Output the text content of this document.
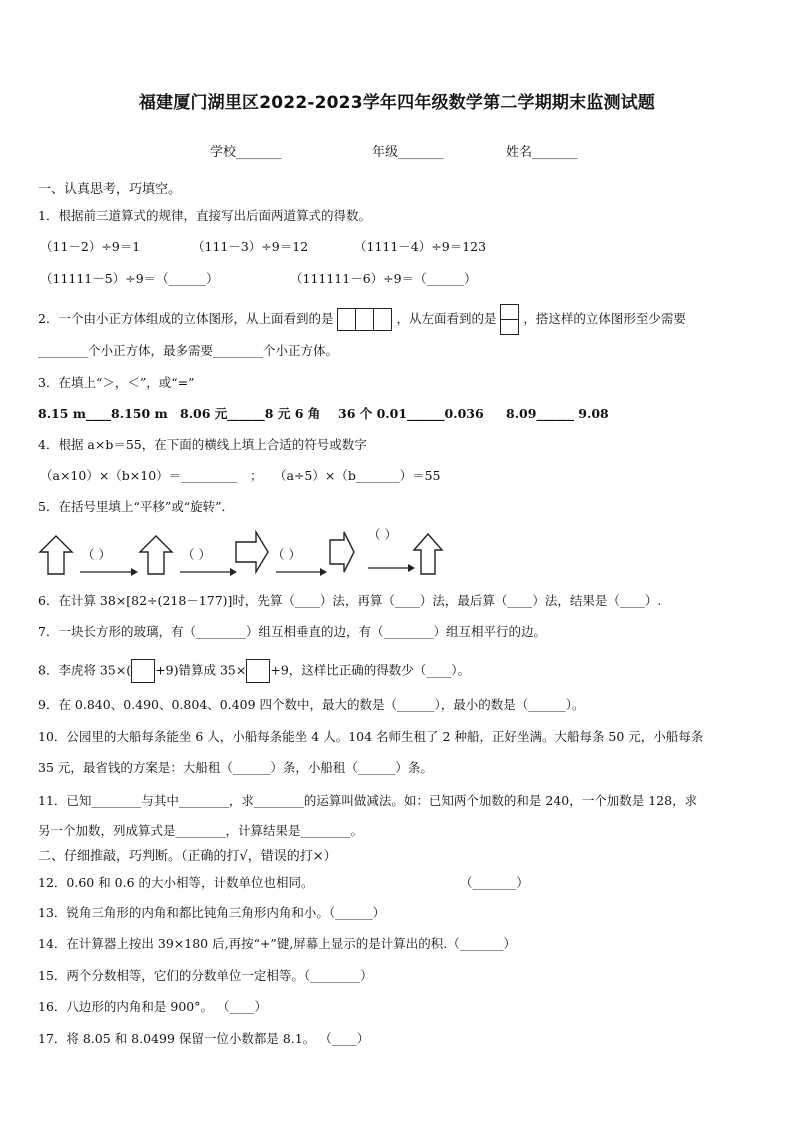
福建厦门湖里区2022-2023学年四年级数学第二学期期末监测试题
学校_______	年级_______	姓名_______
一、认真思考，巧填空。
1．根据前三道算式的规律，直接写出后面两道算式的得数。
（11－2）÷9＝1	（111－3）÷9＝12	（1111－4）÷9＝123
（11111－5）÷9＝（______）	（111111－6）÷9＝（______）
2．一个由小正方体组成的立体图形，从上面看到的是	，从左面看到的是 ，搭这样的立体图形至少需要
________个小正方体，最多需要________个小正方体。
3．在填上“＞，＜”，或“=”
8.15 m____8.150 m 8.06 元______8 元 6 角 36 个 0.01______0.036 8.09______ 9.08
4．根据 a×b＝55，在下面的横线上填上合适的符号或数字
（a×10）×（b×10）＝_________ ； （a÷5）×（b_______）＝55
5．在括号里填上“平移”或“旋转”．
（ ）	（ ）	（ ）
（ ）
6．在计算 38×[82÷(218－177)]时，先算（____）法，再算（____）法，最后算（____）法，结果是（____）.
7．一块长方形的玻璃，有（________）组互相垂直的边，有（________）组互相平行的边。
8．李虎将 35×( +9)错算成 35× +9，这样比正确的得数少（____）。
9．在 0.840、0.490、0.804、0.409 四个数中，最大的数是（______），最小的数是（______）。
10．公园里的大船每条能坐 6 人，小船每条能坐 4 人。104 名师生租了 2 种船，正好坐满。大船每条 50 元，小船每条
35 元，最省钱的方案是：大船租（______）条，小船租（______）条。
11．已知________与其中________，求________的运算叫做减法。如：已知两个加数的和是 240，一个加数是 128，求
另一个加数，列成算式是________，计算结果是________。
二、仔细推敲，巧判断。（正确的打√，错误的打×）
12．0.60 和 0.6 的大小相等，计数单位也相同。	（_______）
13．锐角三角形的内角和都比钝角三角形内角和小。（______）
14．在计算器上按出 39×180 后,再按“+”键,屏幕上显示的是计算出的积.（_______）
15．两个分数相等，它们的分数单位一定相等。（________）
16．八边形的内角和是 900°。 （____）
17．将 8.05 和 8.0499 保留一位小数都是 8.1。 （____）
